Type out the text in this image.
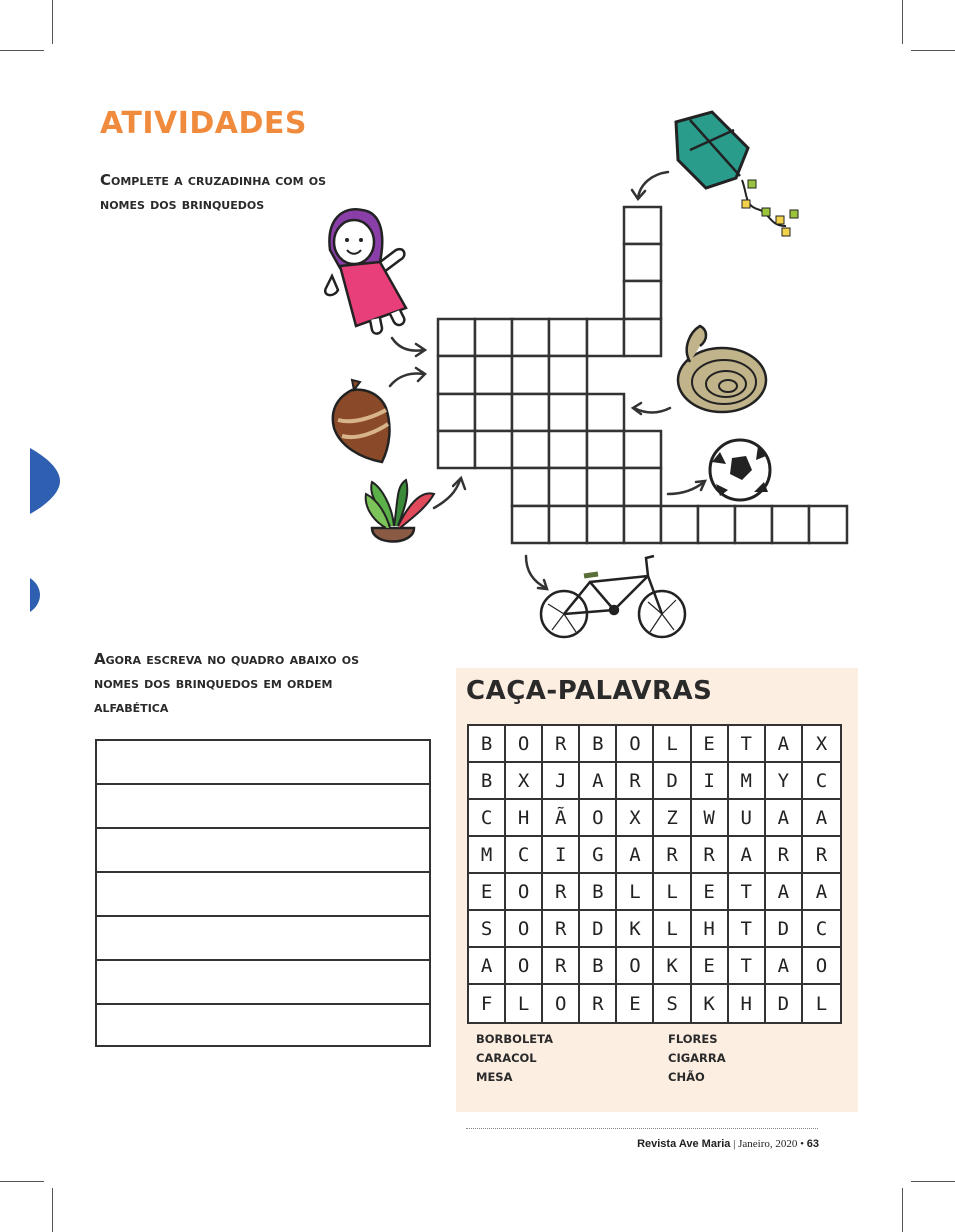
ATIVIDADES
Complete a cruzadinha com os nomes dos brinquedos
Agora escreva no quadro abaixo os nomes dos brinquedos em ordem alfabética
CAÇA-PALAVRAS
B	O	R	B	O	L	E	T	A	X
B	X	J	A	R	D	I	M	Y	C
C	H	Ã	O	X	Z	W	U	A	A
M	C	I	G	A	R	R	A	R	R
E	O	R	B	L	L	E	T	A	A
S	O	R	D	K	L	H	T	D	C
A	O	R	B	O	K	E	T	A	O
F	L	O	R	E	S	K	H	D	L
BORBOLETA	FLORES
CARACOL	CIGARRA
MESA	CHÃO
Revista Ave Maria | Janeiro, 2020 • 63
